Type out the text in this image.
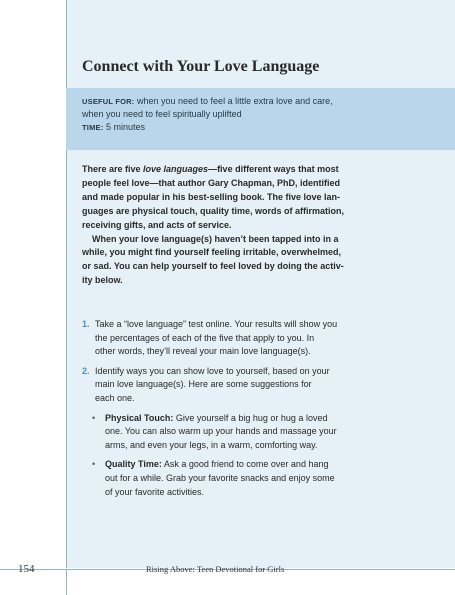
Connect with Your Love Language
USEFUL FOR: when you need to feel a little extra love and care,
when you need to feel spiritually uplifted
TIME: 5 minutes
There are five love languages—five different ways that most
people feel love—that author Gary Chapman, PhD, identified
and made popular in his best-selling book. The five love lan-
guages are physical touch, quality time, words of affirmation,
receiving gifts, and acts of service.
When your love language(s) haven’t been tapped into in a
while, you might find yourself feeling irritable, overwhelmed,
or sad. You can help yourself to feel loved by doing the activ-
ity below.
1. Take a “love language” test online. Your results will show you
the percentages of each of the five that apply to you. In
other words, they’ll reveal your main love language(s).
2. Identify ways you can show love to yourself, based on your
main love language(s). Here are some suggestions for
each one.
• Physical Touch: Give yourself a big hug or hug a loved
one. You can also warm up your hands and massage your
arms, and even your legs, in a warm, comforting way.
• Quality Time: Ask a good friend to come over and hang
out for a while. Grab your favorite snacks and enjoy some
of your favorite activities.
154	Rising Above: Teen Devotional for Girls
